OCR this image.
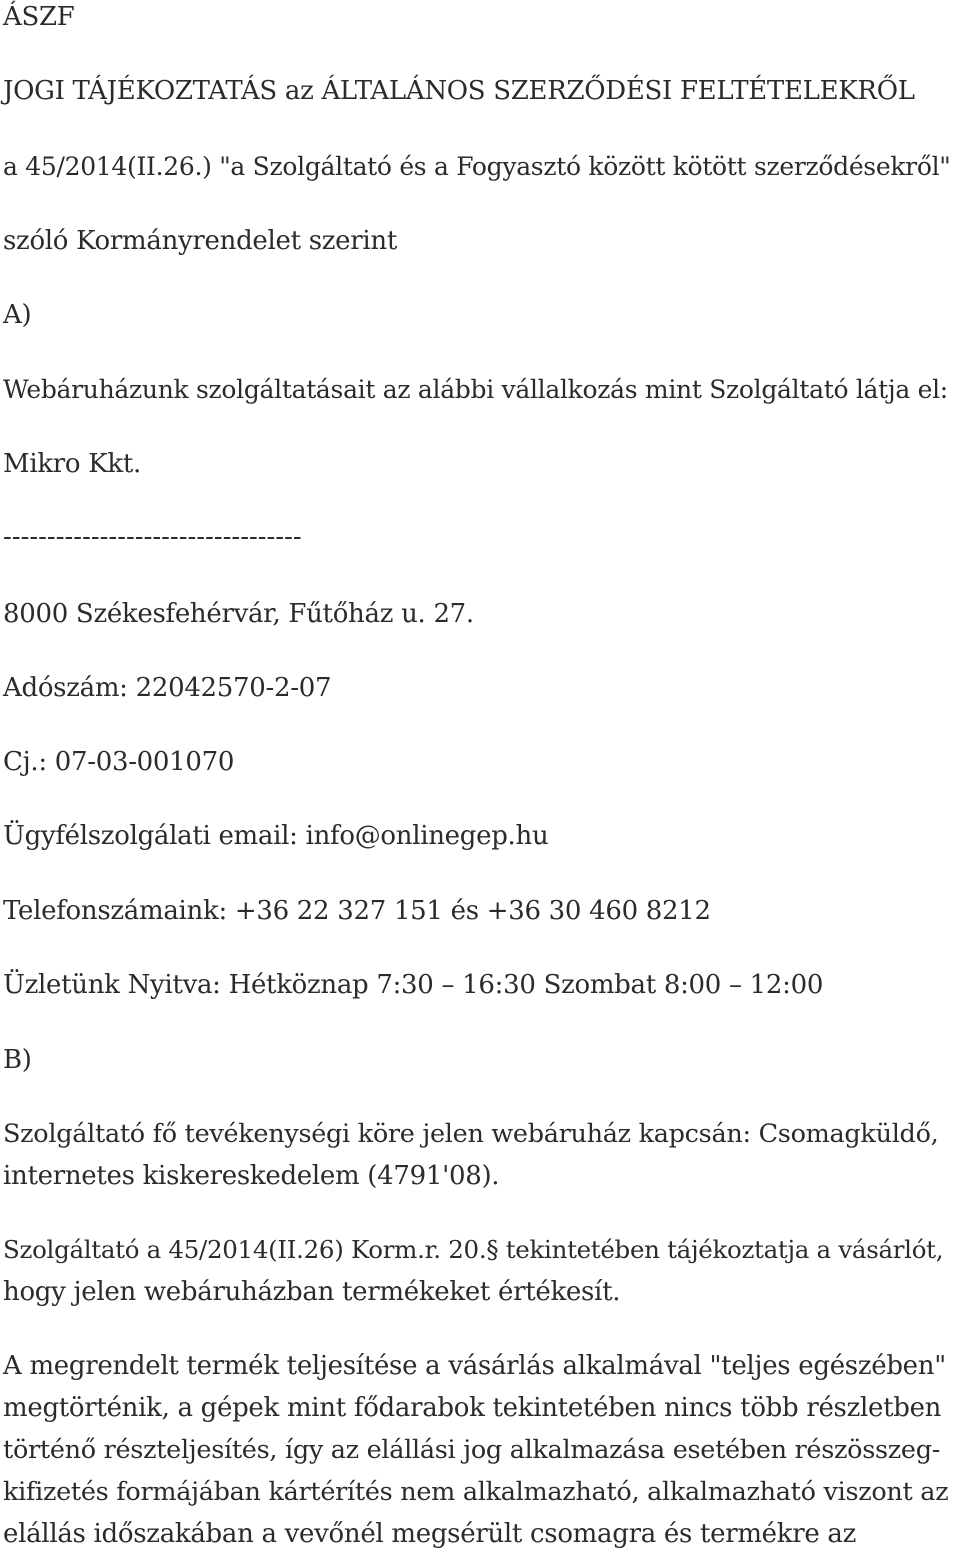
ÁSZF
JOGI TÁJÉKOZTATÁS az ÁLTALÁNOS SZERZŐDÉSI FELTÉTELEKRŐL
a 45/2014(II.26.) "a Szolgáltató és a Fogyasztó között kötött szerződésekről"
szóló Kormányrendelet szerint
A)
Webáruházunk szolgáltatásait az alábbi vállalkozás mint Szolgáltató látja el:
Mikro Kkt.
----------------------------------
8000 Székesfehérvár, Fűtőház u. 27.
Adószám: 22042570-2-07
Cj.: 07-03-001070
Ügyfélszolgálati email: info@onlinegep.hu
Telefonszámaink: +36 22 327 151 és +36 30 460 8212
Üzletünk Nyitva: Hétköznap 7:30 – 16:30 Szombat 8:00 – 12:00
B)
Szolgáltató fő tevékenységi köre jelen webáruház kapcsán: Csomagküldő,
internetes kiskereskedelem (4791'08).
Szolgáltató a 45/2014(II.26) Korm.r. 20.§ tekintetében tájékoztatja a vásárlót,
hogy jelen webáruházban termékeket értékesít.
A megrendelt termék teljesítése a vásárlás alkalmával "teljes egészében"
megtörténik, a gépek mint fődarabok tekintetében nincs több részletben
történő részteljesítés, így az elállási jog alkalmazása esetében részösszeg-
kifizetés formájában kártérítés nem alkalmazható, alkalmazható viszont az
elállás időszakában a vevőnél megsérült csomagra és termékre az
